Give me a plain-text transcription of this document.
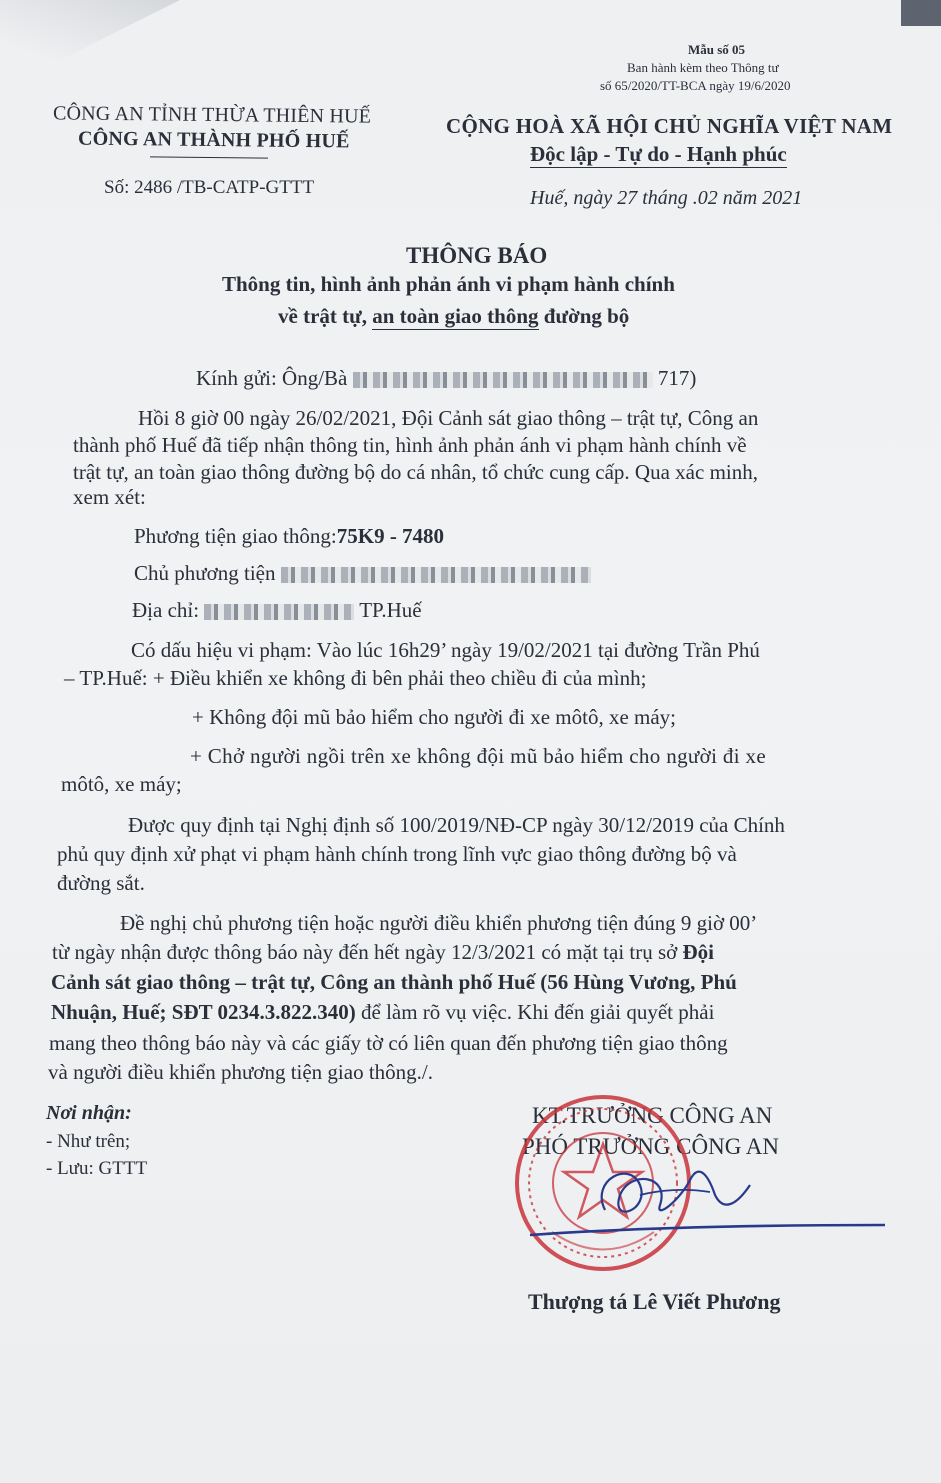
Mẫu số 05
Ban hành kèm theo Thông tư
số 65/2020/TT-BCA ngày 19/6/2020
CÔNG AN TỈNH THỪA THIÊN HUẾ
CÔNG AN THÀNH PHỐ HUẾ
Số: 2486 /TB-CATP-GTTT
CỘNG HOÀ XÃ HỘI CHỦ NGHĨA VIỆT NAM
Độc lập - Tự do - Hạnh phúc
Huế, ngày 27 tháng .02 năm 2021
THÔNG BÁO
Thông tin, hình ảnh phản ánh vi phạm hành chính
về trật tự, an toàn giao thông đường bộ
Kính gửi: Ông/Bà	717)
Hồi 8 giờ 00 ngày 26/02/2021, Đội Cảnh sát giao thông – trật tự, Công an
thành phố Huế đã tiếp nhận thông tin, hình ảnh phản ánh vi phạm hành chính về
trật tự, an toàn giao thông đường bộ do cá nhân, tổ chức cung cấp. Qua xác minh,
xem xét:
Phương tiện giao thông:75K9 - 7480
Chủ phương tiện
Địa chỉ:	TP.Huế
Có dấu hiệu vi phạm: Vào lúc 16h29’ ngày 19/02/2021 tại đường Trần Phú
– TP.Huế: + Điều khiển xe không đi bên phải theo chiều đi của mình;
+ Không đội mũ bảo hiểm cho người đi xe môtô, xe máy;
+ Chở người ngồi trên xe không đội mũ bảo hiểm cho người đi xe
môtô, xe máy;
Được quy định tại Nghị định số 100/2019/NĐ-CP ngày 30/12/2019 của Chính
phủ quy định xử phạt vi phạm hành chính trong lĩnh vực giao thông đường bộ và
đường sắt.
Đề nghị chủ phương tiện hoặc người điều khiển phương tiện đúng 9 giờ 00’
từ ngày nhận được thông báo này đến hết ngày 12/3/2021 có mặt tại trụ sở Đội
Cảnh sát giao thông – trật tự, Công an thành phố Huế (56 Hùng Vương, Phú
Nhuận, Huế; SĐT 0234.3.822.340) để làm rõ vụ việc. Khi đến giải quyết phải
mang theo thông báo này và các giấy tờ có liên quan đến phương tiện giao thông
và người điều khiển phương tiện giao thông./.
Nơi nhận:
- Như trên;
- Lưu: GTTT
KT.TRƯỞNG CÔNG AN
PHÓ TRƯỞNG CÔNG AN
Thượng tá Lê Viết Phương
